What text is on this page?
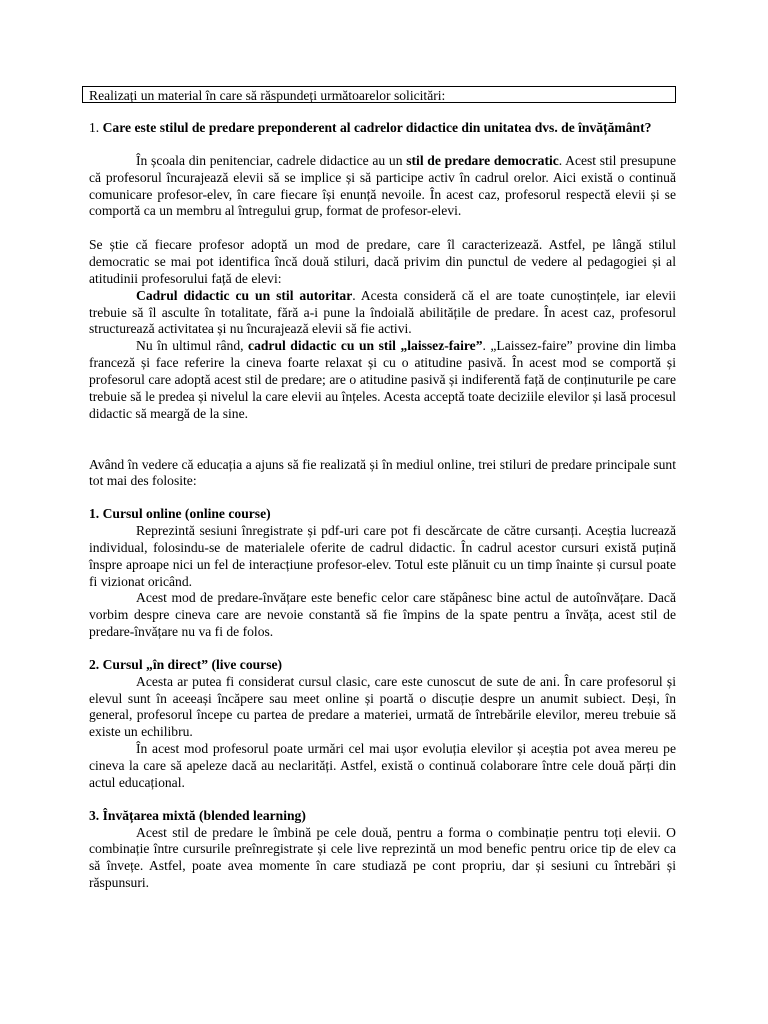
Realizați un material în care să răspundeți următoarelor solicitări:

1. Care este stilul de predare preponderent al cadrelor didactice din unitatea dvs. de învățământ?

În școala din penitenciar, cadrele didactice au un stil de predare democratic. Acest stil presupune că profesorul încurajează elevii să se implice și să participe activ în cadrul orelor. Aici există o continuă comunicare profesor-elev, în care fiecare își enunță nevoile. În acest caz, profesorul respectă elevii și se comportă ca un membru al întregului grup, format de profesor-elevi.

Se știe că fiecare profesor adoptă un mod de predare, care îl caracterizează. Astfel, pe lângă stilul democratic se mai pot identifica încă două stiluri, dacă privim din punctul de vedere al pedagogiei și al atitudinii profesorului față de elevi:

Cadrul didactic cu un stil autoritar. Acesta consideră că el are toate cunoștințele, iar elevii trebuie să îl asculte în totalitate, fără a-i pune la îndoială abilitățile de predare. În acest caz, profesorul structurează activitatea și nu încurajează elevii să fie activi.

Nu în ultimul rând, cadrul didactic cu un stil „laissez-faire”. „Laissez-faire” provine din limba franceză și face referire la cineva foarte relaxat și cu o atitudine pasivă. În acest mod se comportă și profesorul care adoptă acest stil de predare; are o atitudine pasivă și indiferentă față de conținuturile pe care trebuie să le predea și nivelul la care elevii au înțeles. Acesta acceptă toate deciziile elevilor și lasă procesul didactic să meargă de la sine.

Având în vedere că educația a ajuns să fie realizată și în mediul online, trei stiluri de predare principale sunt tot mai des folosite:

1. Cursul online (online course)

Reprezintă sesiuni înregistrate și pdf-uri care pot fi descărcate de către cursanți. Aceștia lucrează individual, folosindu-se de materialele oferite de cadrul didactic. În cadrul acestor cursuri există puțină înspre aproape nici un fel de interacțiune profesor-elev. Totul este plănuit cu un timp înainte și cursul poate fi vizionat oricând.

Acest mod de predare-învățare este benefic celor care stăpânesc bine actul de autoînvățare. Dacă vorbim despre cineva care are nevoie constantă să fie împins de la spate pentru a învăța, acest stil de predare-învățare nu va fi de folos.

2. Cursul „în direct” (live course)

Acesta ar putea fi considerat cursul clasic, care este cunoscut de sute de ani. În care profesorul și elevul sunt în aceeași încăpere sau meet online și poartă o discuție despre un anumit subiect. Deși, în general, profesorul începe cu partea de predare a materiei, urmată de întrebările elevilor, mereu trebuie să existe un echilibru.

În acest mod profesorul poate urmări cel mai ușor evoluția elevilor și aceștia pot avea mereu pe cineva la care să apeleze dacă au neclarități. Astfel, există o continuă colaborare între cele două părți din actul educațional.

3. Învățarea mixtă (blended learning)

Acest stil de predare le îmbină pe cele două, pentru a forma o combinație pentru toți elevii. O combinație între cursurile preînregistrate și cele live reprezintă un mod benefic pentru orice tip de elev ca să învețe. Astfel, poate avea momente în care studiază pe cont propriu, dar și sesiuni cu întrebări și răspunsuri.
